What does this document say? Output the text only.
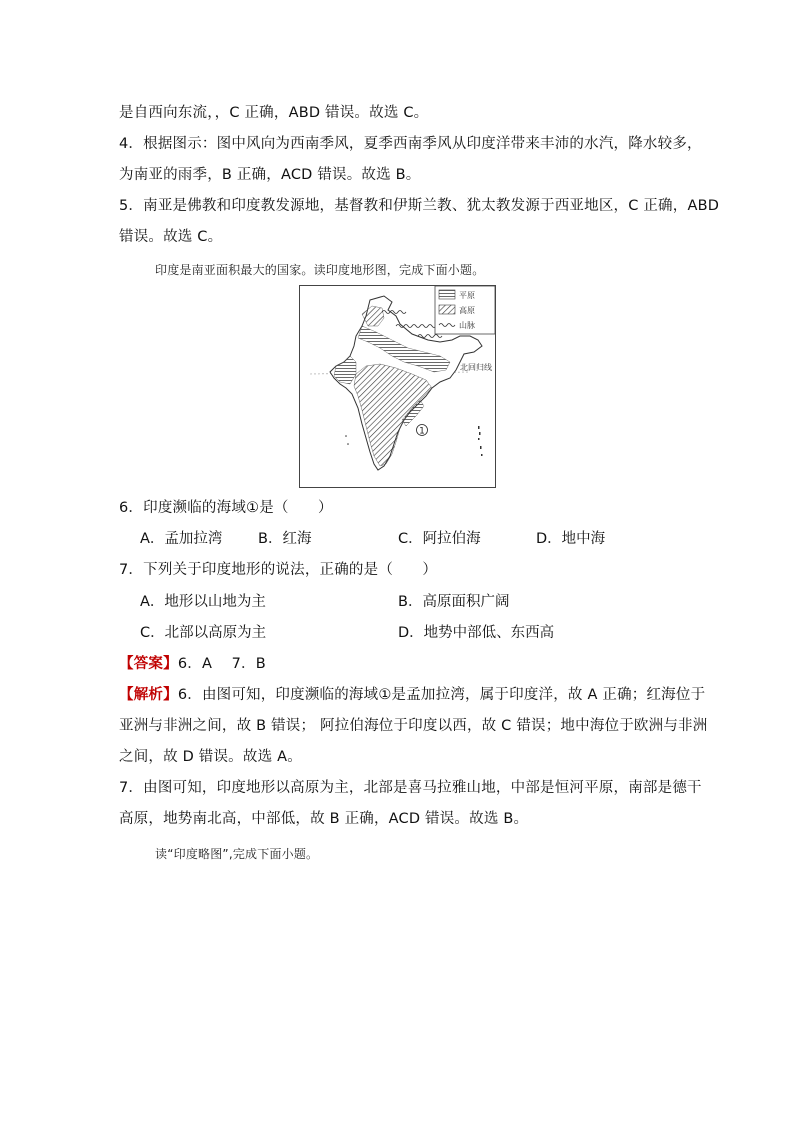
是自西向东流，，C 正确，ABD 错误。故选 C。
4．根据图示：图中风向为西南季风，夏季西南季风从印度洋带来丰沛的水汽，降水较多，
为南亚的雨季，B 正确，ACD 错误。故选 B。
5．南亚是佛教和印度教发源地，基督教和伊斯兰教、犹太教发源于西亚地区，C 正确，ABD
错误。故选 C。
印度是南亚面积最大的国家。读印度地形图，完成下面小题。
1
北回归线
平原
高原
山脉
6．印度濒临的海域①是（　　）
A．孟加拉湾 B．红海	C．阿拉伯海	D．地中海
7．下列关于印度地形的说法，正确的是（　　）
A．地形以山地为主	B．高原面积广阔
C．北部以高原为主	D．地势中部低、东西高
【答案】6．A　 7．B
【解析】6．由图可知，印度濒临的海域①是孟加拉湾，属于印度洋，故 A 正确；红海位于
亚洲与非洲之间，故 B 错误； 阿拉伯海位于印度以西，故 C 错误；地中海位于欧洲与非洲
之间，故 D 错误。故选 A。
7．由图可知，印度地形以高原为主，北部是喜马拉雅山地，中部是恒河平原，南部是德干
高原，地势南北高，中部低，故 B 正确，ACD 错误。故选 B。
读“印度略图”,完成下面小题。
